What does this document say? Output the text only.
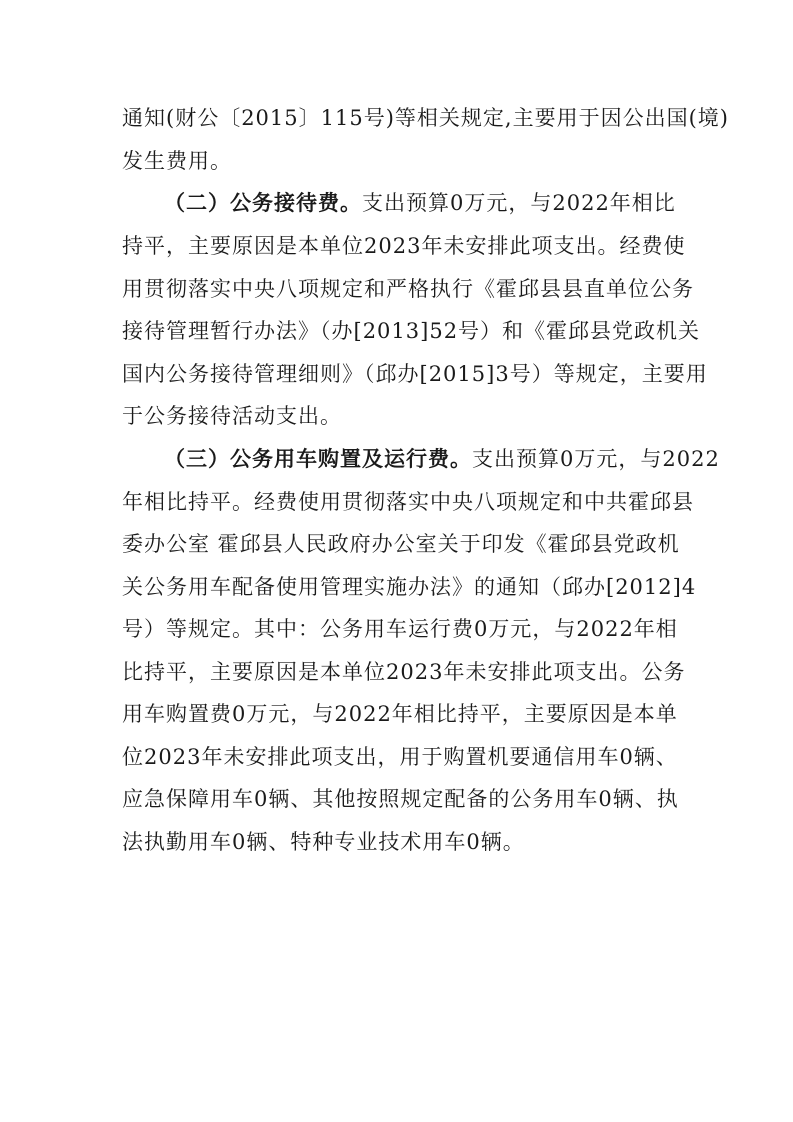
通知(财公〔2015〕115号)等相关规定,主要用于因公出国(境)
发生费用。
（二）公务接待费。支出预算0万元，与2022年相比
持平，主要原因是本单位2023年未安排此项支出。经费使
用贯彻落实中央八项规定和严格执行《霍邱县县直单位公务
接待管理暂行办法》（办[2013]52号）和《霍邱县党政机关
国内公务接待管理细则》（邱办[2015]3号）等规定，主要用
于公务接待活动支出。
（三）公务用车购置及运行费。支出预算0万元，与2022
年相比持平。经费使用贯彻落实中央八项规定和中共霍邱县
委办公室 霍邱县人民政府办公室关于印发《霍邱县党政机
关公务用车配备使用管理实施办法》的通知（邱办[2012]4
号）等规定。其中：公务用车运行费0万元，与2022年相
比持平，主要原因是本单位2023年未安排此项支出。公务
用车购置费0万元，与2022年相比持平，主要原因是本单
位2023年未安排此项支出，用于购置机要通信用车0辆、
应急保障用车0辆、其他按照规定配备的公务用车0辆、执
法执勤用车0辆、特种专业技术用车0辆。
